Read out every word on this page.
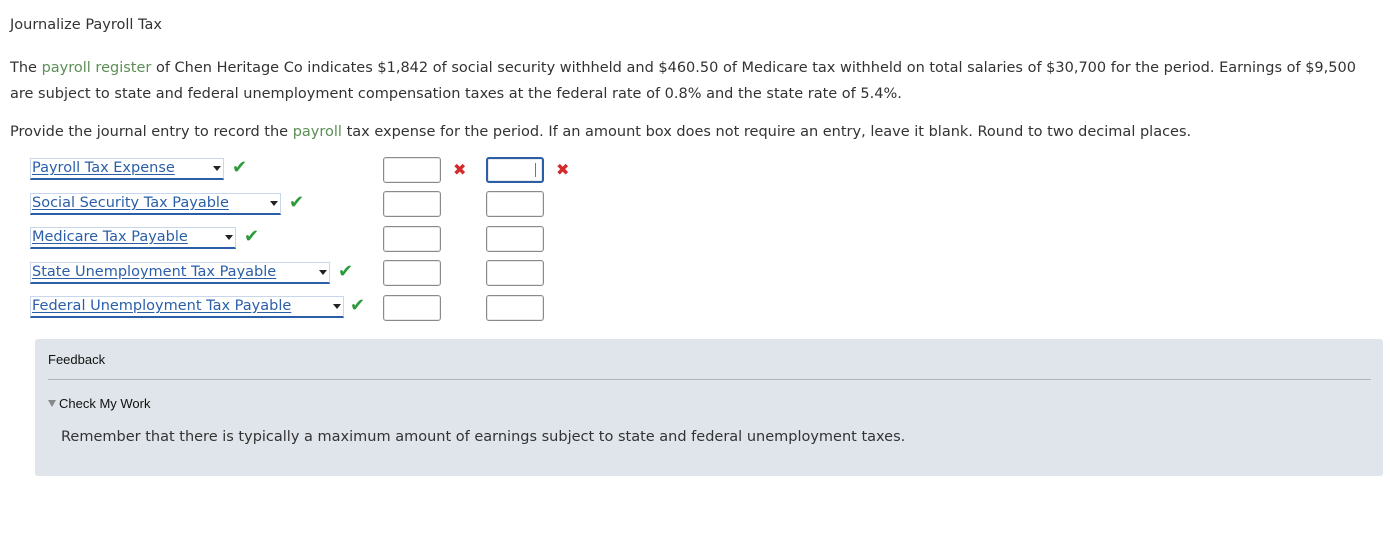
Journalize Payroll Tax
The payroll register of Chen Heritage Co indicates $1,842 of social security withheld and $460.50 of Medicare tax withheld on total salaries of $30,700 for the period. Earnings of $9,500 are subject to state and federal unemployment compensation taxes at the federal rate of 0.8% and the state rate of 5.4%.
Provide the journal entry to record the payroll tax expense for the period. If an amount box does not require an entry, leave it blank. Round to two decimal places.
Payroll Tax Expense	✔	✖	✖
Social Security Tax Payable	✔
Medicare Tax Payable	✔
State Unemployment Tax Payable	✔
Federal Unemployment Tax Payable	✔
Feedback
Check My Work
Remember that there is typically a maximum amount of earnings subject to state and federal unemployment taxes.
